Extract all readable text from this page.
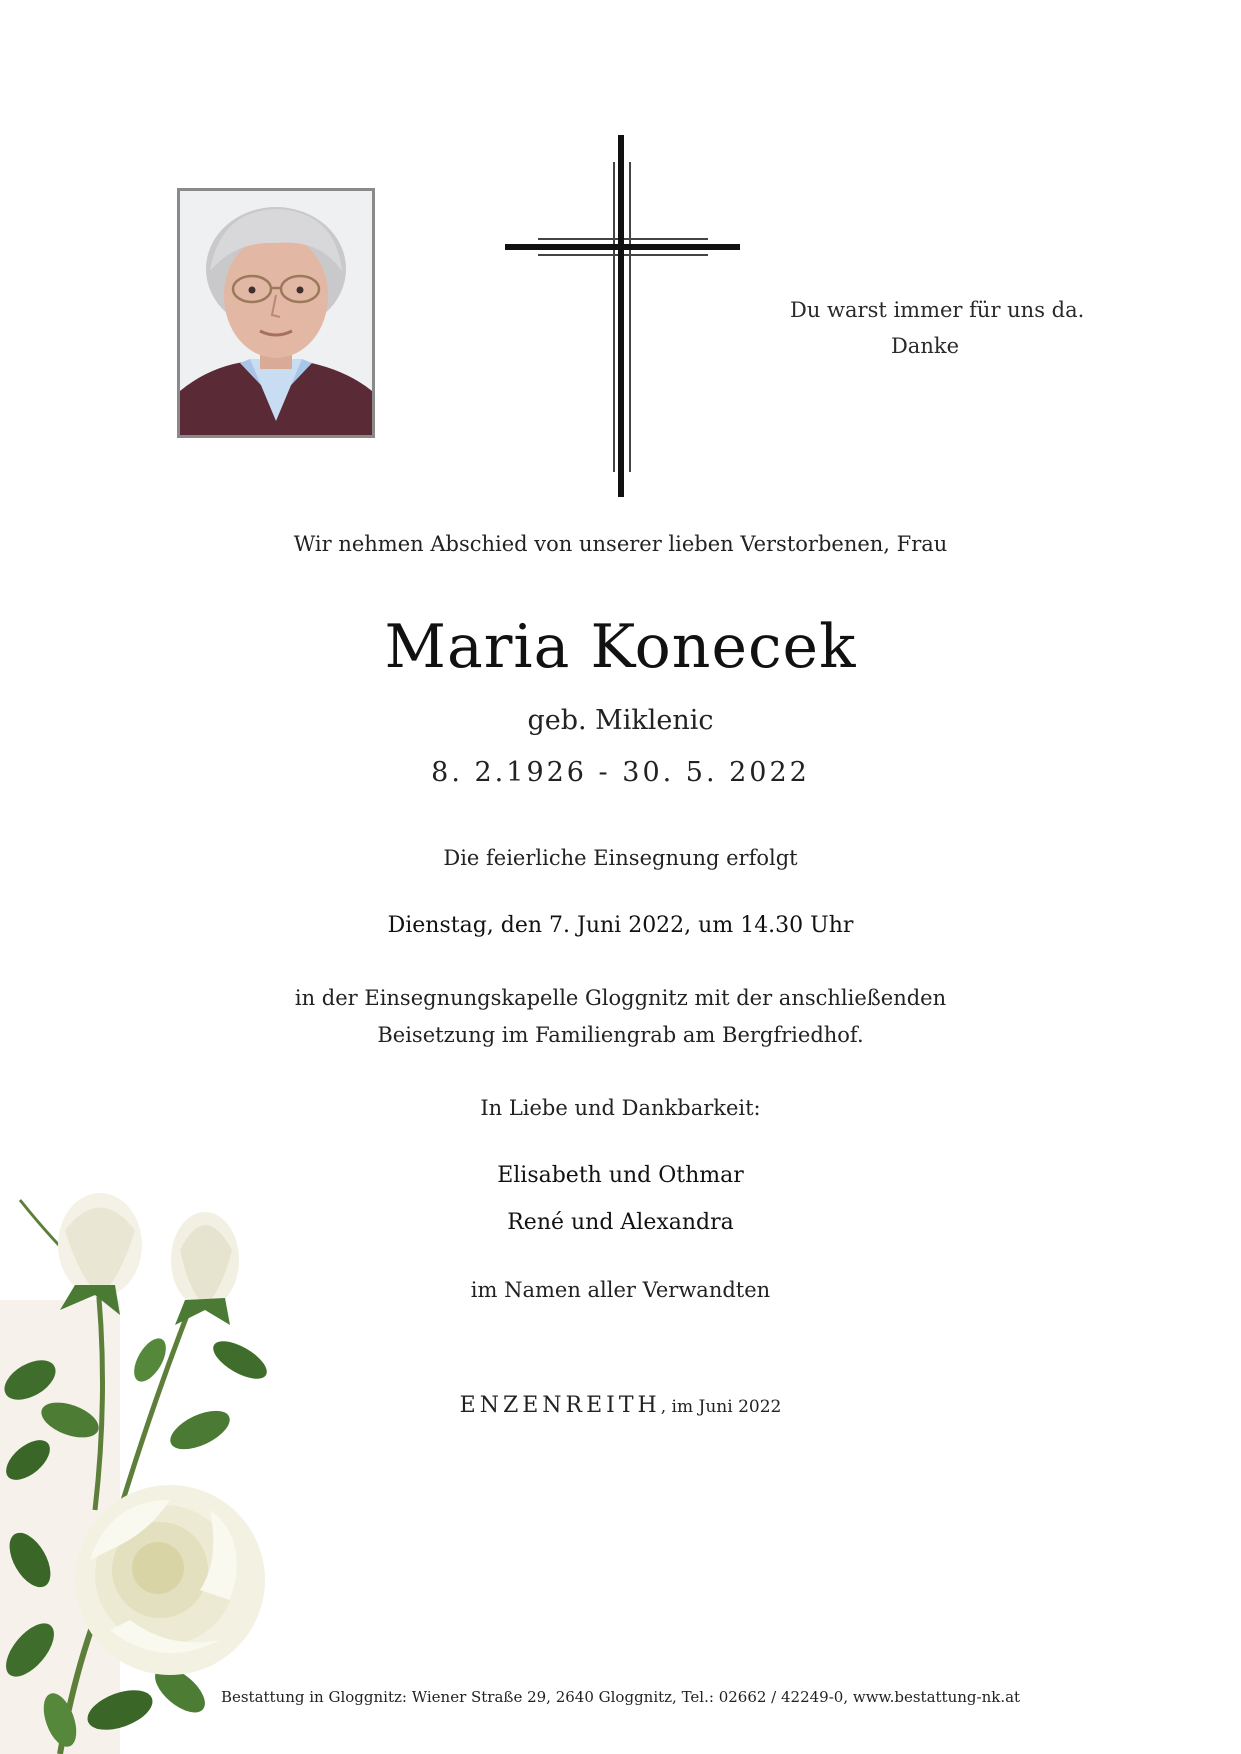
Du warst immer für uns da.
Danke
Wir nehmen Abschied von unserer lieben Verstorbenen, Frau
Maria Konecek
geb. Miklenic
8. 2.1926 - 30. 5. 2022
Die feierliche Einsegnung erfolgt
Dienstag, den 7. Juni 2022, um 14.30 Uhr
in der Einsegnungskapelle Gloggnitz mit der anschließenden
Beisetzung im Familiengrab am Bergfriedhof.
In Liebe und Dankbarkeit:
Elisabeth und Othmar
René und Alexandra
im Namen aller Verwandten
ENZENREITH, im Juni 2022
Bestattung in Gloggnitz: Wiener Straße 29, 2640 Gloggnitz, Tel.: 02662 / 42249-0, www.bestattung-nk.at
